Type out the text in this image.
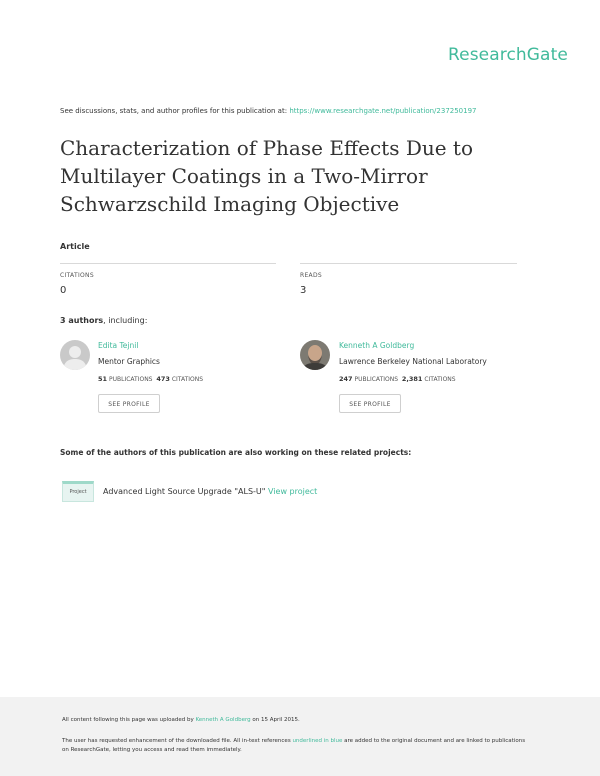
ResearchGate
See discussions, stats, and author profiles for this publication at: https://www.researchgate.net/publication/237250197
Characterization of Phase Effects Due to
Multilayer Coatings in a Two-Mirror
Schwarzschild Imaging Objective
Article
CITATIONS
0
READS
3
3 authors, including:
Edita Tejnil
Mentor Graphics
51 PUBLICATIONS 473 CITATIONS
SEE PROFILE
Kenneth A Goldberg
Lawrence Berkeley National Laboratory
247 PUBLICATIONS 2,381 CITATIONS
SEE PROFILE
Some of the authors of this publication are also working on these related projects:
Project	Advanced Light Source Upgrade "ALS-U" View project
All content following this page was uploaded by Kenneth A Goldberg on 15 April 2015.
The user has requested enhancement of the downloaded file. All in-text references underlined in blue are added to the original document and are linked to publications on ResearchGate, letting you access and read them immediately.
